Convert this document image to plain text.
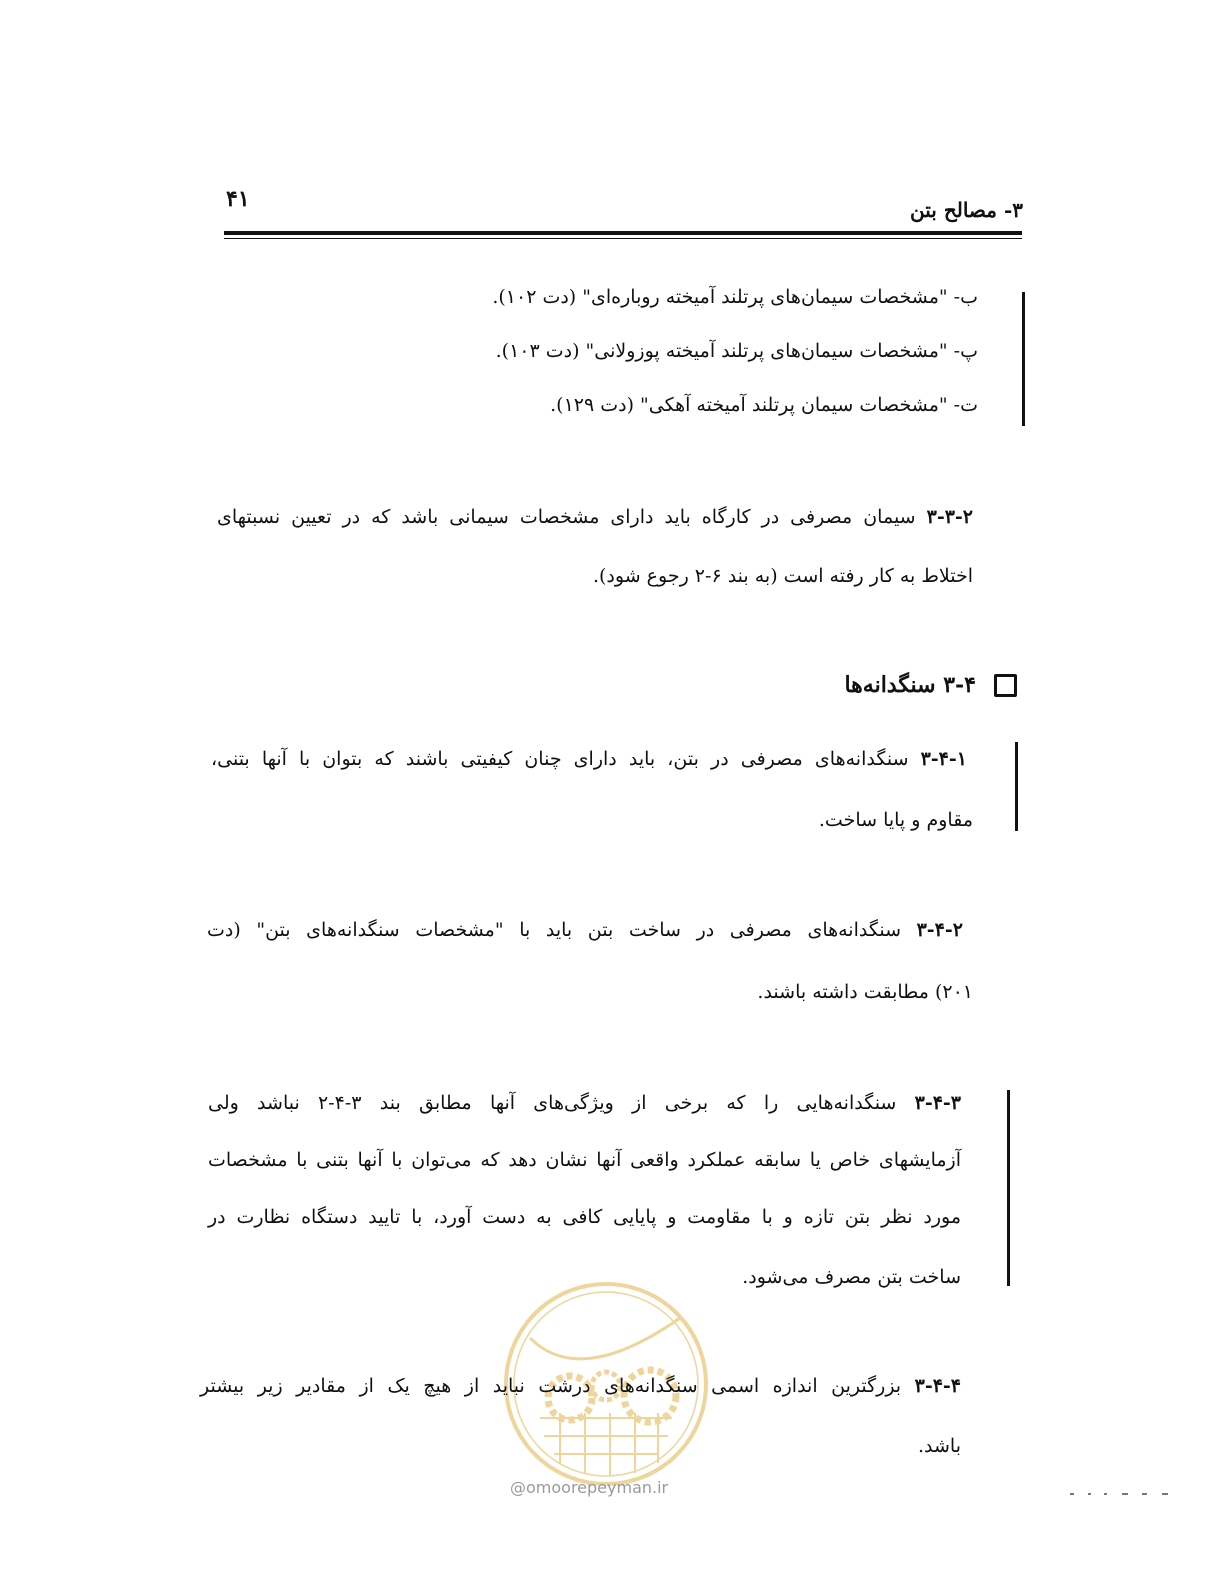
۴۱	۳- مصالح بتن
ب- "مشخصات سیمان‌های پرتلند آمیخته روباره‌ای" (دت ۱۰۲).
پ- "مشخصات سیمان‌های پرتلند آمیخته پوزولانی" (دت ۱۰۳).
ت- "مشخصات سیمان پرتلند آمیخته آهکی" (دت ۱۲۹).
۳-۳-۲ سیمان مصرفی در کارگاه باید دارای مشخصات سیمانی باشد که در تعیین نسبتهای
اختلاط به کار رفته است (به بند ۶-۲ رجوع شود).
۳-۴ سنگدانه‌ها
۳-۴-۱ سنگدانه‌های مصرفی در بتن، باید دارای چنان کیفیتی باشند که بتوان با آنها بتنی،
مقاوم و پایا ساخت.
۳-۴-۲ سنگدانه‌های مصرفی در ساخت بتن باید با "مشخصات سنگدانه‌های بتن" (دت
۲۰۱) مطابقت داشته باشند.
۳-۴-۳ سنگدانه‌هایی را که برخی از ویژگی‌های آنها مطابق بند ۳-۴-۲ نباشد ولی
آزمایشهای خاص یا سابقه عملکرد واقعی آنها نشان دهد که می‌توان با آنها بتنی با مشخصات
مورد نظر بتن تازه و با مقاومت و پایایی کافی به دست آورد، با تایید دستگاه نظارت در
ساخت بتن مصرف می‌شود.
@omoorepeyman.ir
۳-۴-۴ بزرگترین اندازه اسمی سنگدانه‌های درشت نباید از هیچ یک از مقادیر زیر بیشتر
باشد.
